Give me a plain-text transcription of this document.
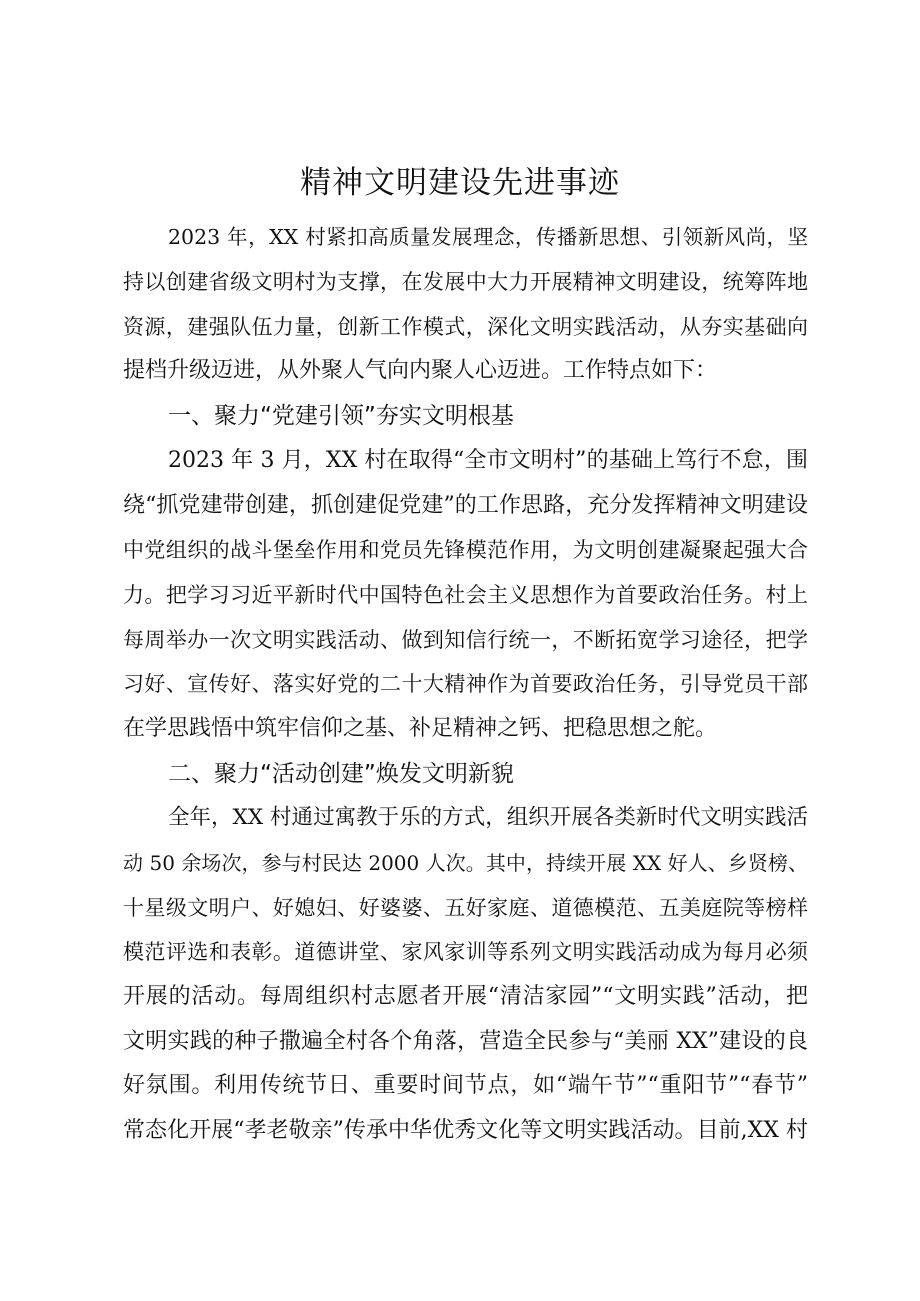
精神文明建设先进事迹
2023 年，XX 村紧扣高质量发展理念，传播新思想、引领新风尚，坚
持以创建省级文明村为支撑，在发展中大力开展精神文明建设，统筹阵地
资源，建强队伍力量，创新工作模式，深化文明实践活动，从夯实基础向
提档升级迈进，从外聚人气向内聚人心迈进。工作特点如下：
一、聚力“党建引领”夯实文明根基
2023 年 3 月，XX 村在取得“全市文明村”的基础上笃行不怠，围
绕“抓党建带创建，抓创建促党建”的工作思路，充分发挥精神文明建设
中党组织的战斗堡垒作用和党员先锋模范作用，为文明创建凝聚起强大合
力。把学习习近平新时代中国特色社会主义思想作为首要政治任务。村上
每周举办一次文明实践活动、做到知信行统一，不断拓宽学习途径，把学
习好、宣传好、落实好党的二十大精神作为首要政治任务，引导党员干部
在学思践悟中筑牢信仰之基、补足精神之钙、把稳思想之舵。
二、聚力“活动创建”焕发文明新貌
全年，XX 村通过寓教于乐的方式，组织开展各类新时代文明实践活
动 50 余场次，参与村民达 2000 人次。其中，持续开展 XX 好人、乡贤榜、
十星级文明户、好媳妇、好婆婆、五好家庭、道德模范、五美庭院等榜样
模范评选和表彰。道德讲堂、家风家训等系列文明实践活动成为每月必须
开展的活动。每周组织村志愿者开展“清洁家园”“文明实践”活动，把
文明实践的种子撒遍全村各个角落，营造全民参与“美丽 XX”建设的良
好氛围。利用传统节日、重要时间节点，如“端午节”“重阳节”“春节”
常态化开展“孝老敬亲”传承中华优秀文化等文明实践活动。目前,XX 村
